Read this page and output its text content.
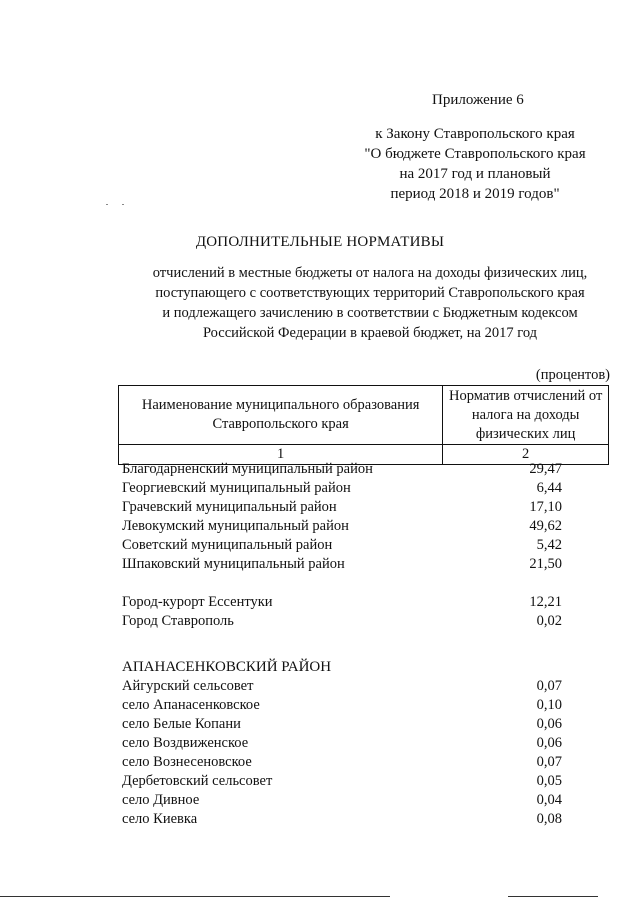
Приложение 6
к Закону Ставропольского края
"О бюджете Ставропольского края
на 2017 год и плановый
период 2018 и 2019 годов"
ДОПОЛНИТЕЛЬНЫЕ НОРМАТИВЫ
отчислений в местные бюджеты от налога на доходы физических лиц,
поступающего с соответствующих территорий Ставропольского края
и подлежащего зачислению в соответствии с Бюджетным кодексом
Российской Федерации в краевой бюджет, на 2017 год
(процентов)
Наименование муниципального образования Ставропольского края	Норматив отчислений от налога на доходы физических лиц
1	2
Благодарненский муниципальный район	29,47
Георгиевский муниципальный район	6,44
Грачевский муниципальный район	17,10
Левокумский муниципальный район	49,62
Советский муниципальный район	5,42
Шпаковский муниципальный район	21,50
Город-курорт Ессентуки	12,21
Город Ставрополь	0,02
АПАНАСЕНКОВСКИЙ РАЙОН
Айгурский сельсовет	0,07
село Апанасенковское	0,10
село Белые Копани	0,06
село Воздвиженское	0,06
село Вознесеновское	0,07
Дербетовский сельсовет	0,05
село Дивное	0,04
село Киевка	0,08
